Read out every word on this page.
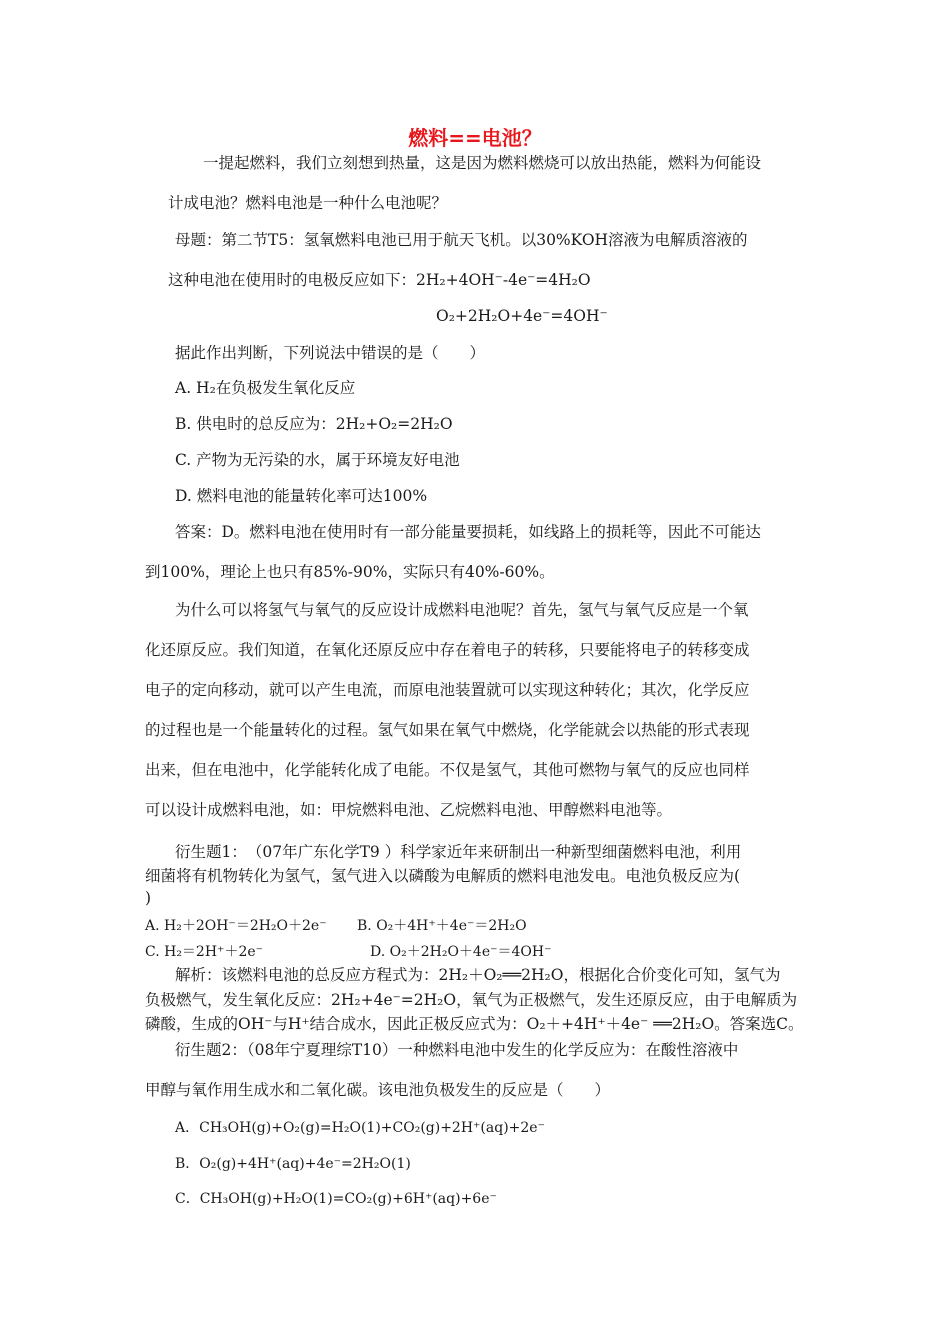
燃料==电池？
一提起燃料，我们立刻想到热量，这是因为燃料燃烧可以放出热能，燃料为何能设
计成电池？燃料电池是一种什么电池呢？
母题：第二节T5：氢氧燃料电池已用于航天飞机。以30%KOH溶液为电解质溶液的
这种电池在使用时的电极反应如下：2H₂+4OH⁻-4e⁻=4H₂O
O₂+2H₂O+4e⁻=4OH⁻
据此作出判断，下列说法中错误的是（　　）
A. H₂在负极发生氧化反应
B. 供电时的总反应为：2H₂+O₂=2H₂O
C. 产物为无污染的水，属于环境友好电池
D. 燃料电池的能量转化率可达100%
答案：D。燃料电池在使用时有一部分能量要损耗，如线路上的损耗等，因此不可能达
到100%，理论上也只有85%-90%，实际只有40%-60%。
为什么可以将氢气与氧气的反应设计成燃料电池呢？首先，氢气与氧气反应是一个氧
化还原反应。我们知道，在氧化还原反应中存在着电子的转移，只要能将电子的转移变成
电子的定向移动，就可以产生电流，而原电池装置就可以实现这种转化；其次，化学反应
的过程也是一个能量转化的过程。氢气如果在氧气中燃烧，化学能就会以热能的形式表现
出来，但在电池中，化学能转化成了电能。不仅是氢气，其他可燃物与氧气的反应也同样
可以设计成燃料电池，如：甲烷燃料电池、乙烷燃料电池、甲醇燃料电池等。
衍生题1：　（07年广东化学T9 ）科学家近年来研制出一种新型细菌燃料电池，利用
细菌将有机物转化为氢气，氢气进入以磷酸为电解质的燃料电池发电。电池负极反应为(
)
A. H₂＋2OH⁻＝2H₂O＋2e⁻ B. O₂＋4H⁺＋4e⁻＝2H₂O
C. H₂＝2H⁺＋2e⁻	D. O₂＋2H₂O＋4e⁻＝4OH⁻
解析：该燃料电池的总反应方程式为：2H₂＋O₂══2H₂O，根据化合价变化可知，氢气为
负极燃气，发生氧化反应：2H₂+4e⁻=2H₂O，氧气为正极燃气，发生还原反应，由于电解质为
磷酸，生成的OH⁻与H⁺结合成水，因此正极反应式为：O₂＋+4H⁺＋4e⁻ ══2H₂O。答案选C。
衍生题2：（08年宁夏理综T10）一种燃料电池中发生的化学反应为：在酸性溶液中
甲醇与氧作用生成水和二氧化碳。该电池负极发生的反应是（　　）
A．CH₃OH(g)+O₂(g)=H₂O(1)+CO₂(g)+2H⁺(aq)+2e⁻
B．O₂(g)+4H⁺(aq)+4e⁻=2H₂O(1)
C．CH₃OH(g)+H₂O(1)=CO₂(g)+6H⁺(aq)+6e⁻
